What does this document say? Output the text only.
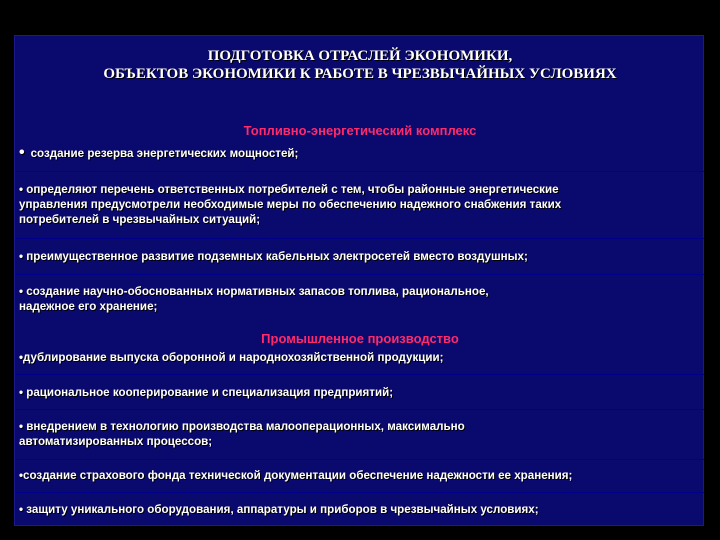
ПОДГОТОВКА ОТРАСЛЕЙ ЭКОНОМИКИ,
ОБЪЕКТОВ ЭКОНОМИКИ К РАБОТЕ В ЧРЕЗВЫЧАЙНЫХ УСЛОВИЯХ
Топливно-энергетический комплекс
• создание резерва энергетических мощностей;
• определяют перечень ответственных потребителей с тем, чтобы районные энергетические
управления предусмотрели необходимые меры по обеспечению надежного снабжения таких
потребителей в чрезвычайных ситуаций;
• преимущественное развитие подземных кабельных электросетей вместо воздушных;
• создание научно-обоснованных нормативных запасов топлива, рациональное,
надежное его хранение;
Промышленное производство
•дублирование выпуска оборонной и народнохозяйственной продукции;
• рациональное кооперирование и специализация предприятий;
• внедрением в технологию производства малооперационных, максимально
автоматизированных процессов;
•создание страхового фонда технической документации обеспечение надежности ее хранения;
• защиту уникального оборудования, аппаратуры и приборов в чрезвычайных условиях;
